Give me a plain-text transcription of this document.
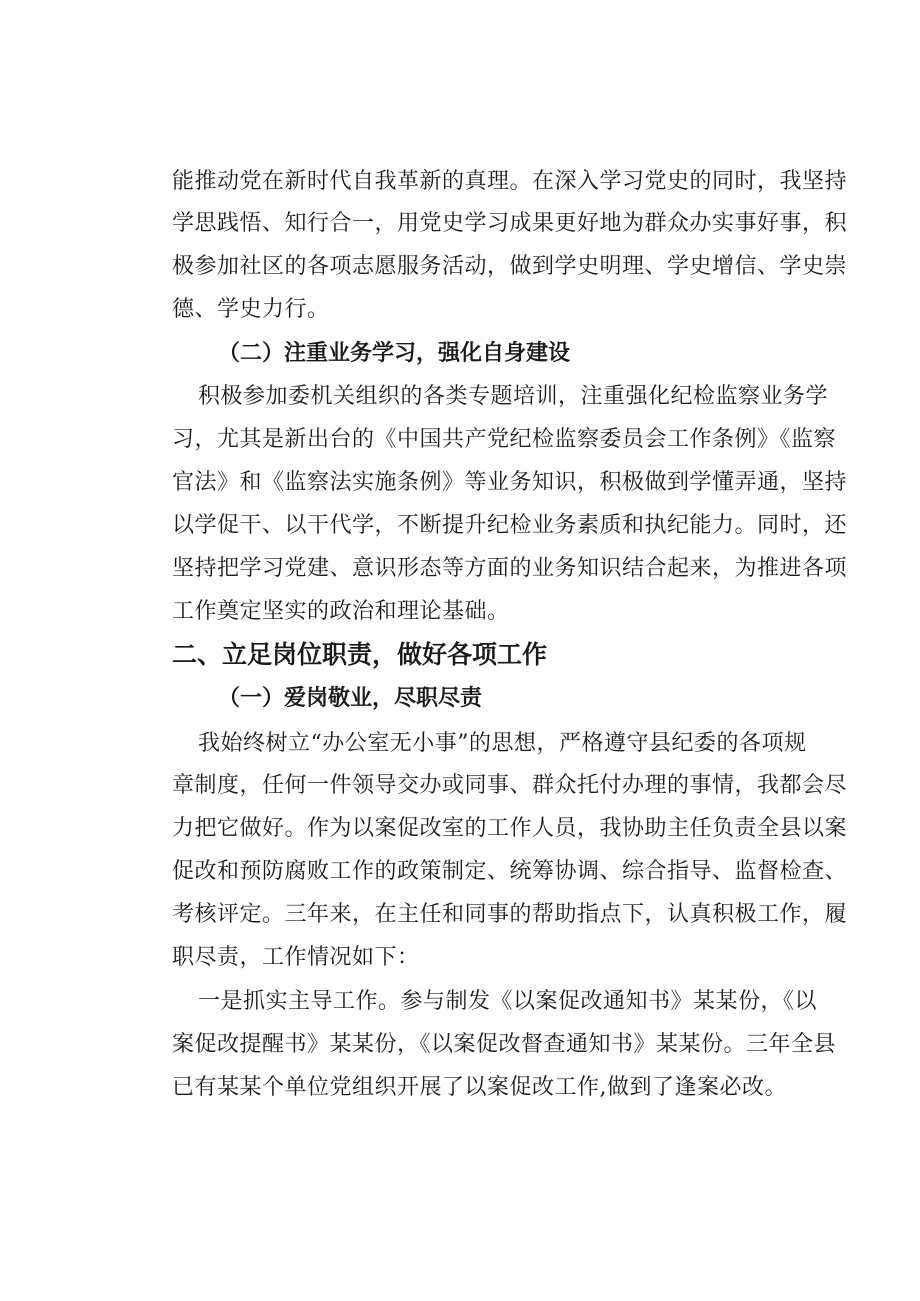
能推动党在新时代自我革新的真理。在深入学习党史的同时，我坚持
学思践悟、知行合一，用党史学习成果更好地为群众办实事好事，积
极参加社区的各项志愿服务活动，做到学史明理、学史增信、学史崇
德、学史力行。
（二）注重业务学习，强化自身建设
积极参加委机关组织的各类专题培训，注重强化纪检监察业务学
习，尤其是新出台的《中国共产党纪检监察委员会工作条例》《监察
官法》和《监察法实施条例》等业务知识，积极做到学懂弄通，坚持
以学促干、以干代学，不断提升纪检业务素质和执纪能力。同时，还
坚持把学习党建、意识形态等方面的业务知识结合起来，为推进各项
工作奠定坚实的政治和理论基础。
二、立足岗位职责，做好各项工作
（一）爱岗敬业，尽职尽责
我始终树立“办公室无小事”的思想，严格遵守县纪委的各项规
章制度，任何一件领导交办或同事、群众托付办理的事情，我都会尽
力把它做好。作为以案促改室的工作人员，我协助主任负责全县以案
促改和预防腐败工作的政策制定、统筹协调、综合指导、监督检查、
考核评定。三年来，在主任和同事的帮助指点下，认真积极工作，履
职尽责，工作情况如下：
一是抓实主导工作。参与制发《以案促改通知书》某某份，《以
案促改提醒书》某某份，《以案促改督查通知书》某某份。三年全县
已有某某个单位党组织开展了以案促改工作,做到了逢案必改。
